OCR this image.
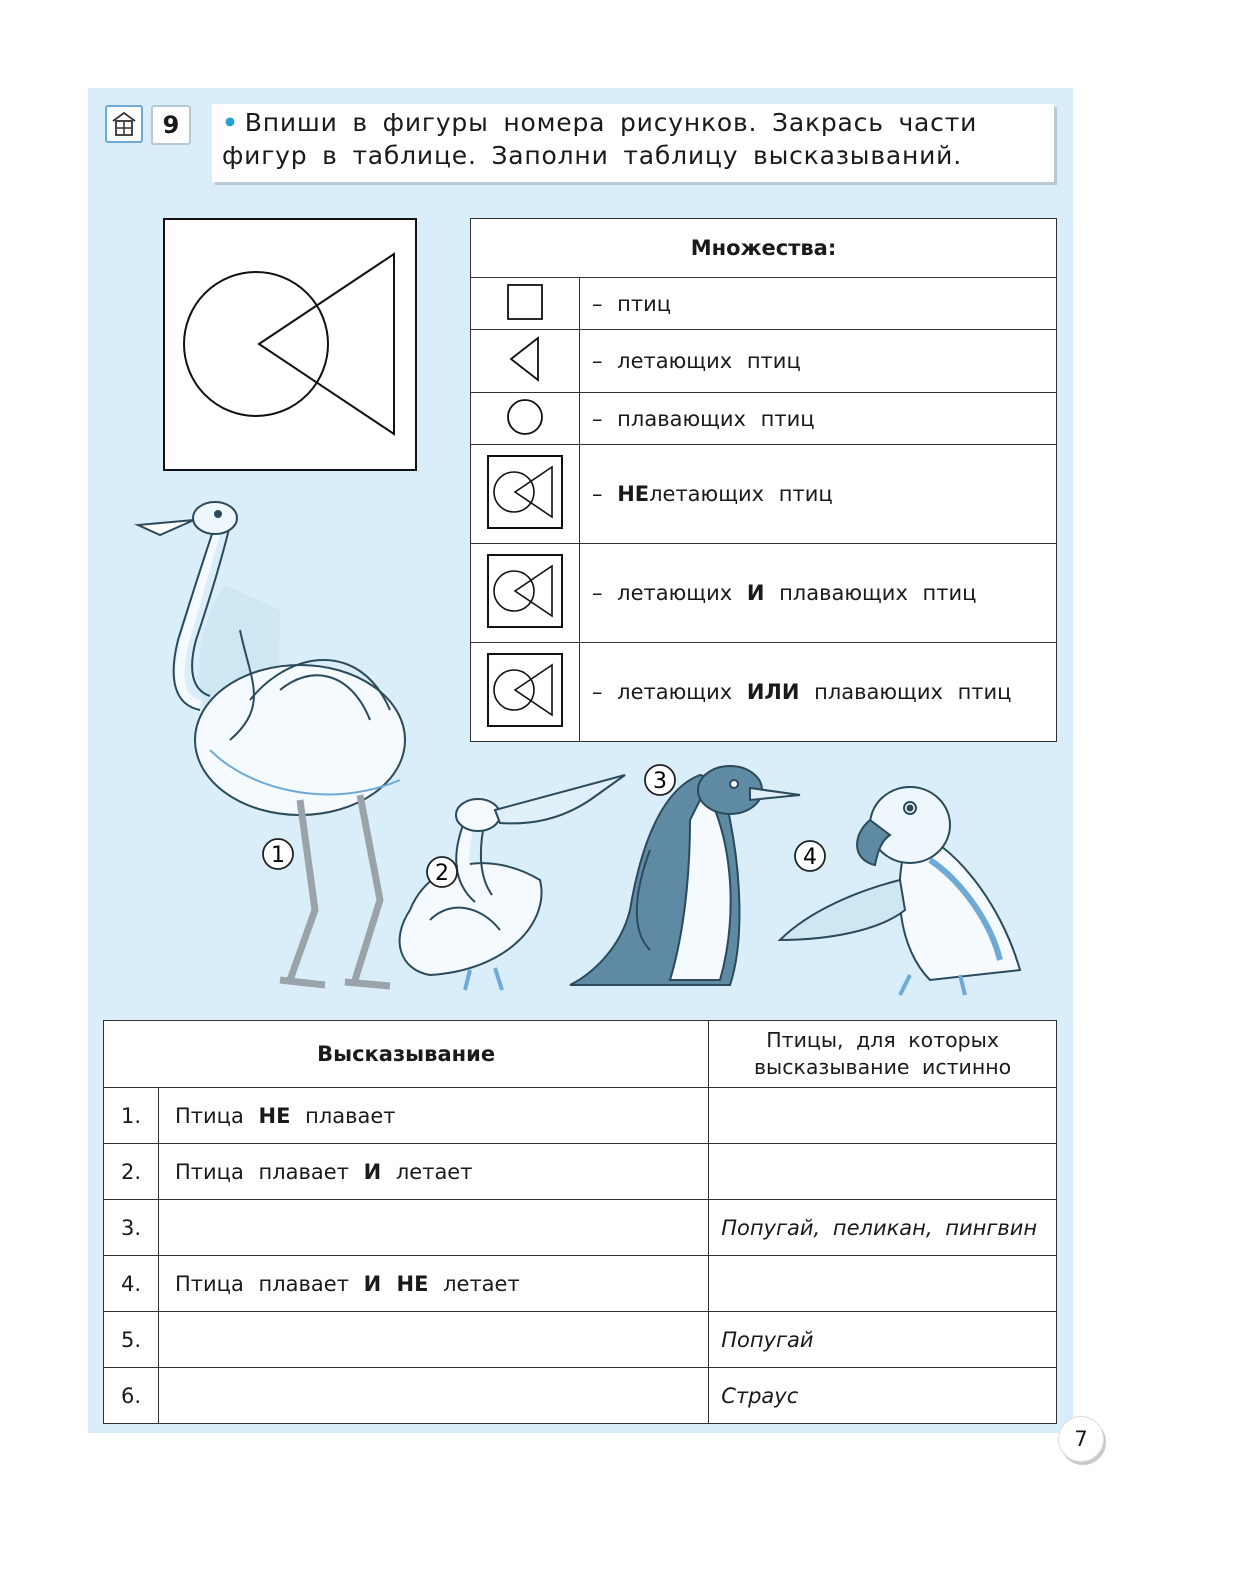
9	• Впиши в фигуры номера рисунков. Закрась части
фигур в таблице. Заполни таблицу высказываний.
Множества:	
	– птиц
	– летающих птиц
	– плавающих птиц
	– НЕлетающих птиц
	– летающих И плавающих птиц
	– летающих ИЛИ плавающих птиц
1
2
3
4
Высказывание		Птицы, для которых
высказывание истинно
1.	Птица НЕ плавает	
2.	Птица плавает И летает	
3.		Попугай, пеликан, пингвин
4.	Птица плавает И НЕ летает	
5.		Попугай
6.		Страус
7
